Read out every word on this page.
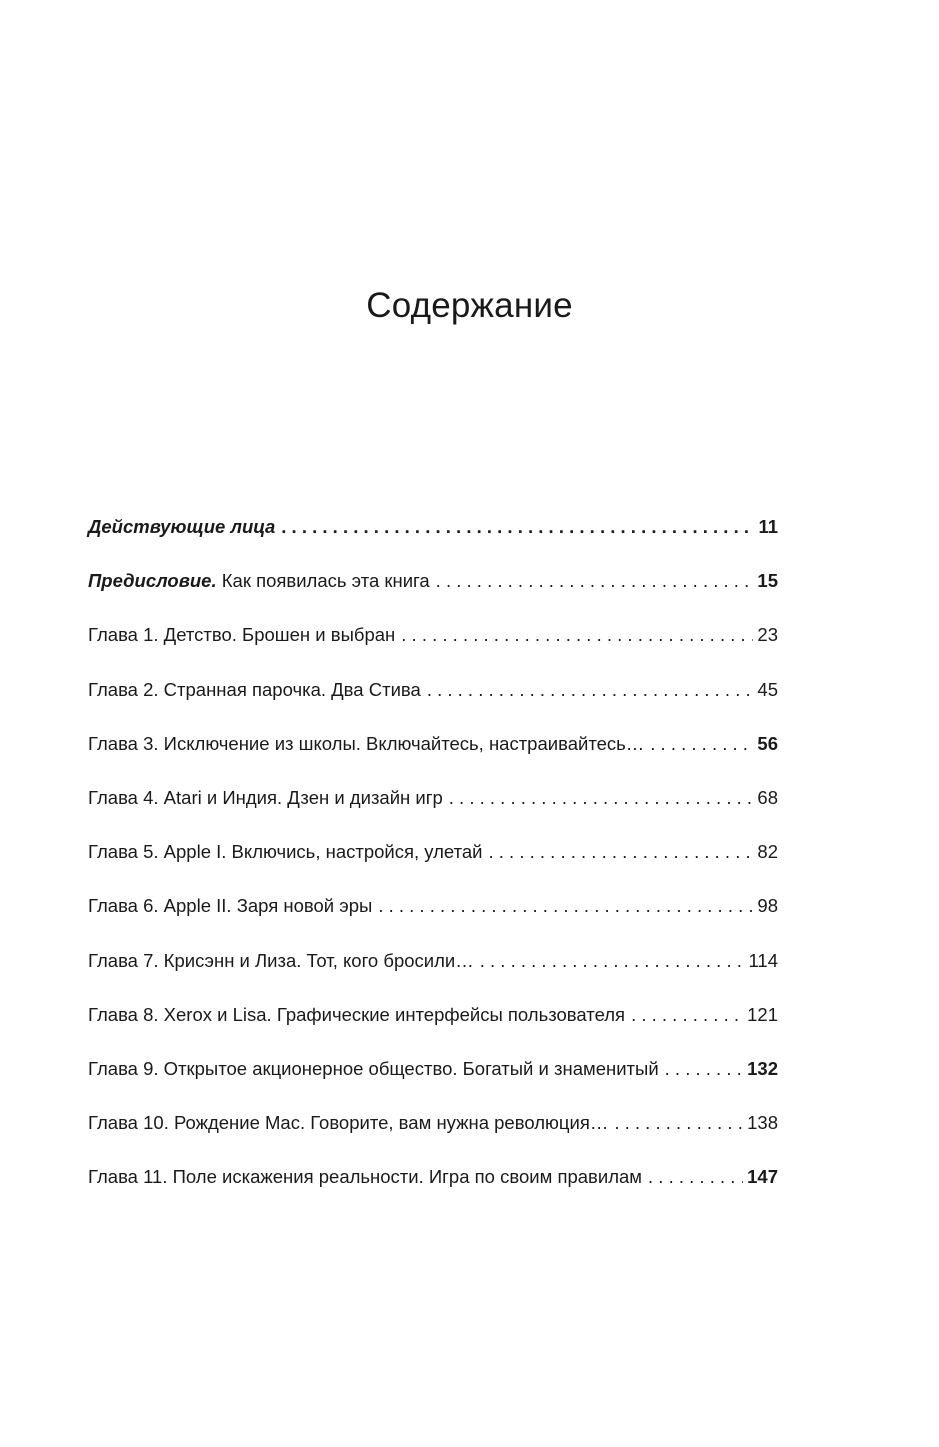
Содержание
Действующие лица . . .	11
Предисловие. Как появилась эта книга . . .	15
Глава 1. Детство. Брошен и выбран . . .	23
Глава 2. Странная парочка. Два Стива . . .	45
Глава 3. Исключение из школы. Включайтесь, настраивайтесь… . . .	56
Глава 4. Atari и Индия. Дзен и дизайн игр . . .	68
Глава 5. Apple I. Включись, настройся, улетай . . .	82
Глава 6. Apple II. Заря новой эры . . .	98
Глава 7. Крисэнн и Лиза. Тот, кого бросили… . . .	114
Глава 8. Xerox и Lisa. Графические интерфейсы пользователя . . .	121
Глава 9. Открытое акционерное общество. Богатый и знаменитый . . .	132
Глава 10. Рождение Mac. Говорите, вам нужна революция… . . .	138
Глава 11. Поле искажения реальности. Игра по своим правилам . . .	147
